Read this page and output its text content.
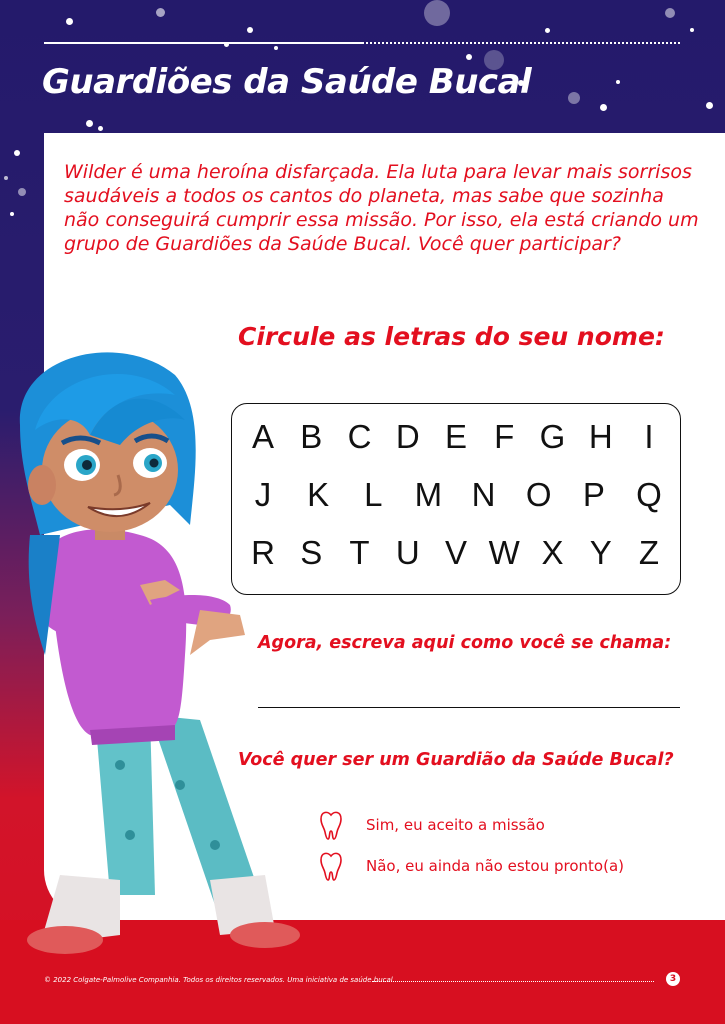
Guardiões da Saúde Bucal

Wilder é uma heroína disfarçada. Ela luta para levar mais sorrisos saudáveis a todos os cantos do planeta, mas sabe que sozinha não conseguirá cumprir essa missão. Por isso, ela está criando um grupo de Guardiões da Saúde Bucal. Você quer participar?

Circule as letras do seu nome:
A B C D E F G H I
J K L M N O P Q
R S T U V W X Y Z

Agora, escreva aqui como você se chama:

Você quer ser um Guardião da Saúde Bucal?

Sim, eu aceito a missão
Não, eu ainda não estou pronto(a)
© 2022 Colgate-Palmolive Companhia. Todos os direitos reservados. Uma iniciativa de saúde bucal.	3
